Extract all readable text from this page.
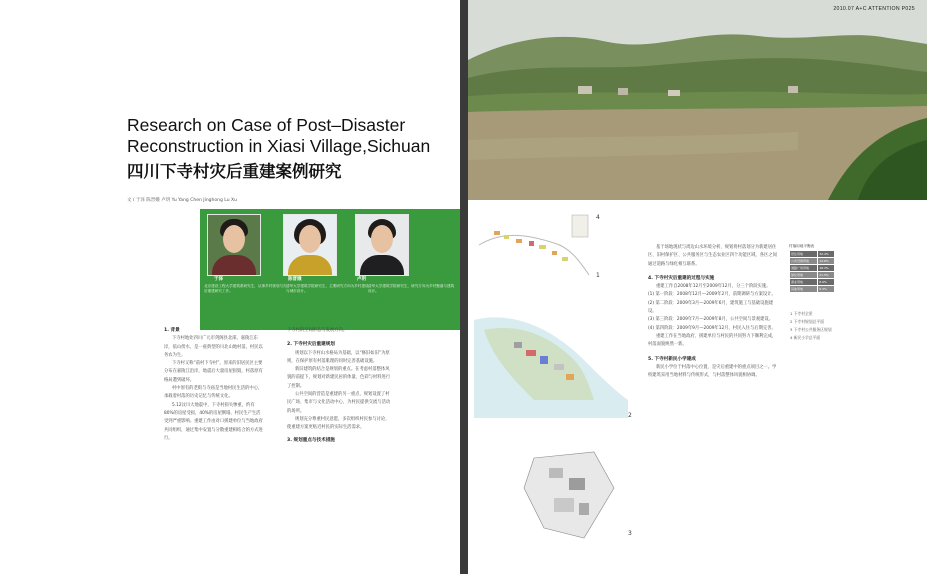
Research on Case of Post–Disaster Reconstruction in Xiasi Village,Sichuan
四川下寺村灾后重建案例研究
文 / 于泽 陈晋娥 卢玥 Yu Yang Chen Jinghong Lu Xu
于泽	陈晋娥	卢玥
北京建设工程大学建筑系研究生，从事乡村规划与灾后重建研究工作。
清华大学建筑学院研究生，主要研究方向为乡村建设与城市设计。
清华大学建筑学院研究生，研究方向为乡村聚落与建筑设计。
1. 背景
下寺村地处四川广元市剑阁县北部，嘉陵江东岸，依山傍水，是一座典型的川北山地村落，村民以务农为生。
下寺村又称“前村下寺村”，原来的旧居民区主要分布在嘉陵江沿岸，地震后大量房屋损毁，村落原有格局遭到破坏。
村中原有的老街与寺庙是当地村民生活的中心，承载着村落的历史记忆与传统文化。
5.12汶川大地震中，下寺村损失惨重，约有80%的房屋受损，40%的房屋倒塌，村民生产生活受到严重影响。重建工作由对口援建单位与当地政府共同组织，通过集中安置与分散重建相结合的方式进行。
下寺村的空间形态与发展方向。
2. 下寺村灾后重建规划
规划以下寺村山水格局为基础，以“修旧如旧”为原则，在保护原有村落肌理的同时完善基础设施。
新旧建筑的结合是规划的重点。在考虑村落整体风貌的前提下，规划对新建民居的体量、色彩与材料进行了控制。
公共空间的营造是重建的另一重点，规划设置了村民广场、集市与文化活动中心，为村民提供交流与活动的场所。
规划充分尊重村民意愿，多次组织村民参与讨论，使重建方案更贴近村民的实际生活需求。
3. 规划重点与技术措施
2010.07 A+C ATTENTION P025
1
2
3
4
基于场地现状与周边山水环境分析，规划将村落划分为新建居住区、旧村保护区、公共服务区与生态农业区四个功能区域，各区之间通过道路与绿化相互联系。
4. 下寺村灾后重建的过程与实施
重建工作自2008年12月至2009年12月，分三个阶段实施。
(1) 第一阶段：2008年12月—2009年2月，前期调研与方案设计。
(2) 第二阶段：2009年3月—2009年6月，建筑施工与基础设施建设。
(3) 第三阶段：2009年7月—2009年8月，公共空间与景观建设。
(4) 第四阶段：2009年9月—2009年12月，村民入住与后期完善。
重建工作在当地政府、援建单位与村民的共同努力下顺利完成，村落面貌焕然一新。
5. 下寺村新民小学建成
新民小学位于村落中心位置，是灾后重建中的重点项目之一。学校建筑采用当地材料与传统形式，与村落整体风貌相协调。
村落用地平衡表
居住用地	32.4%
公共设施用地	12.6%
道路广场用地	18.3%
绿化用地	21.5%
商业用地	8.9%
其他用地	6.3%
1 下寺村全景
2 下寺村规划总平面
3 下寺村公共服务区规划
4 新民小学总平面
